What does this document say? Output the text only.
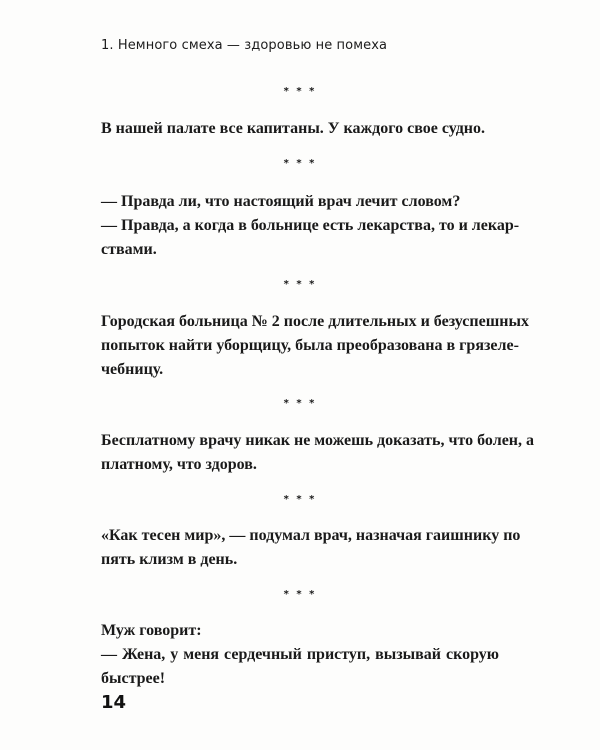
1. Немного смеха — здоровью не помеха
* * *
В нашей палате все капитаны. У каждого свое судно.
* * *
— Правда ли, что настоящий врач лечит словом?
— Правда, а когда в больнице есть лекарства, то и лекар-
ствами.
* * *
Городская больница № 2 после длительных и безуспешных
попыток найти уборщицу, была преобразована в грязеле-
чебницу.
* * *
Бесплатному врачу никак не можешь доказать, что болен, а
платному, что здоров.
* * *
«Как тесен мир», — подумал врач, назначая гаишнику по
пять клизм в день.
* * *
Муж говорит:
— Жена, у меня сердечный приступ, вызывай скорую
быстрее!
14
